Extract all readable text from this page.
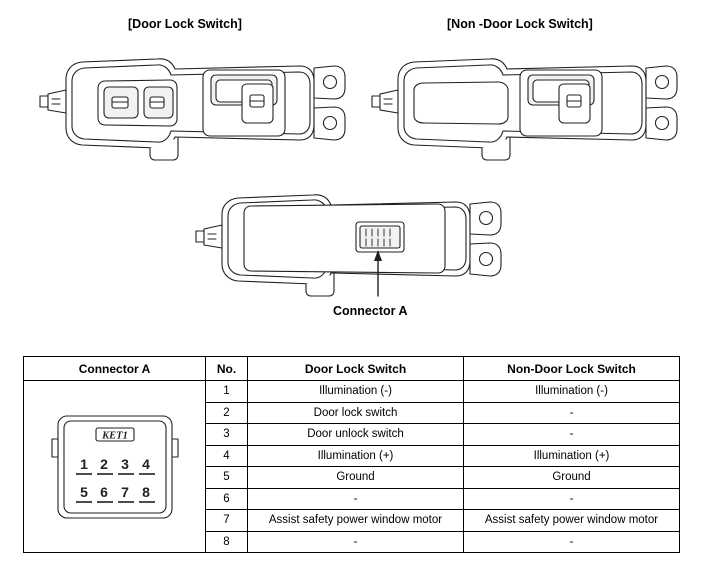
[Door Lock Switch]	[Non -Door Lock Switch]
Connector A
Connector A	No.	Door Lock Switch	Non-Door Lock Switch

KET1
1 2 3 4
5 6 7 8
	1	Illumination (-)	Illumination (-)
	2	Door lock switch	-
	3	Door unlock switch	-
	4	Illumination (+)	Illumination (+)
	5	Ground	Ground
	6	-	-
	7	Assist safety power window motor	Assist safety power window motor
	8	-	-
